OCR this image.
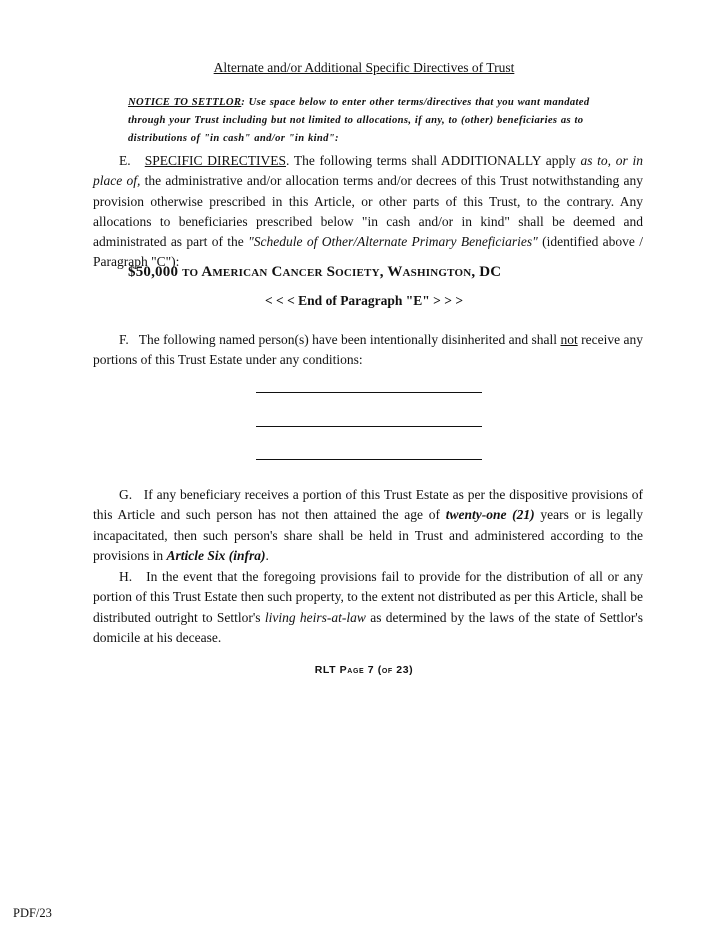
Alternate and/or Additional Specific Directives of Trust
NOTICE TO SETTLOR: Use space below to enter other terms/directives that you want mandated through your Trust including but not limited to allocations, if any, to (other) beneficiaries as to distributions of "in cash" and/or "in kind":
E. SPECIFIC DIRECTIVES. The following terms shall ADDITIONALLY apply as to, or in place of, the administrative and/or allocation terms and/or decrees of this Trust notwithstanding any provision otherwise prescribed in this Article, or other parts of this Trust, to the contrary. Any allocations to beneficiaries prescribed below "in cash and/or in kind" shall be deemed and administrated as part of the "Schedule of Other/Alternate Primary Beneficiaries" (identified above / Paragraph "C"):
$50,000 to American Cancer Society, Washington, DC
< < < End of Paragraph "E" > > >
F. The following named person(s) have been intentionally disinherited and shall not receive any portions of this Trust Estate under any conditions:
G. If any beneficiary receives a portion of this Trust Estate as per the dispositive provisions of this Article and such person has not then attained the age of twenty-one (21) years or is legally incapacitated, then such person's share shall be held in Trust and administered according to the provisions in Article Six (infra).
H. In the event that the foregoing provisions fail to provide for the distribution of all or any portion of this Trust Estate then such property, to the extent not distributed as per this Article, shall be distributed outright to Settlor's living heirs-at-law as determined by the laws of the state of Settlor's domicile at his decease.
RLT Page 7 (of 23)
PDF/23
